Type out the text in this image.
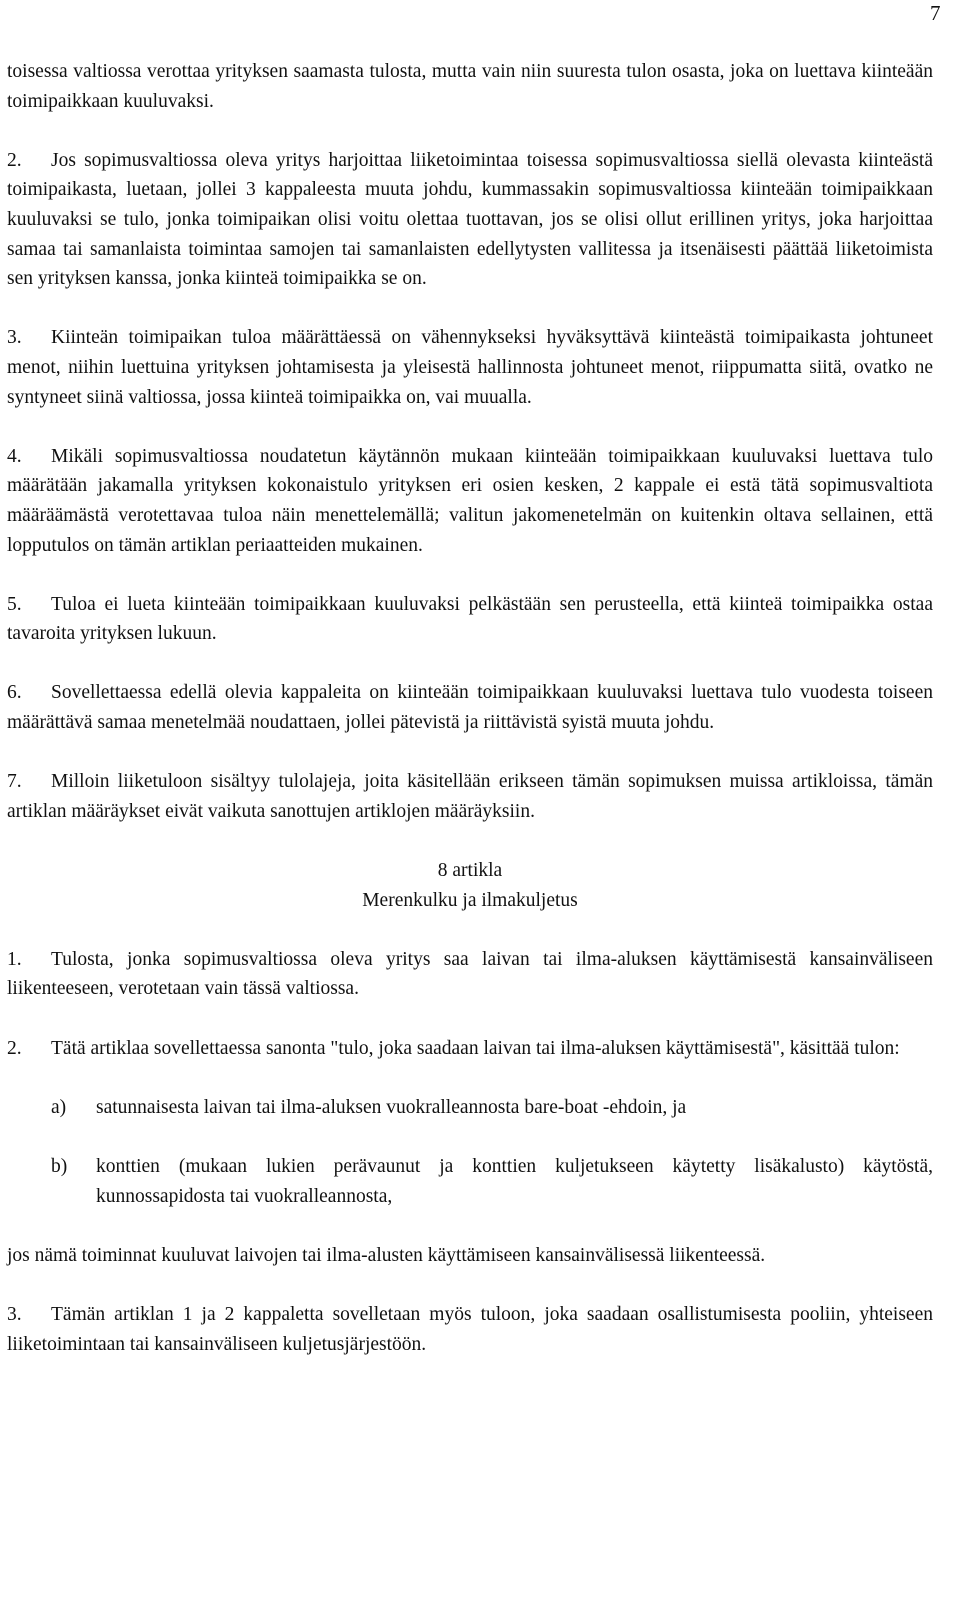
7

toisessa valtiossa verottaa yrityksen saamasta tulosta, mutta vain niin suuresta tulon osasta, joka on luettava kiinteään toimipaikkaan kuuluvaksi.

2. Jos sopimusvaltiossa oleva yritys harjoittaa liiketoimintaa toisessa sopimusvaltiossa siellä olevasta kiinteästä toimipaikasta, luetaan, jollei 3 kappaleesta muuta johdu, kummassakin sopimusvaltiossa kiinteään toimipaikkaan kuuluvaksi se tulo, jonka toimipaikan olisi voitu olettaa tuottavan, jos se olisi ollut erillinen yritys, joka harjoittaa samaa tai samanlaista toimintaa samojen tai samanlaisten edellytysten vallitessa ja itsenäisesti päättää liiketoimista sen yrityksen kanssa, jonka kiinteä toimipaikka se on.

3. Kiinteän toimipaikan tuloa määrättäessä on vähennykseksi hyväksyttävä kiinteästä toimipaikasta johtuneet menot, niihin luettuina yrityksen johtamisesta ja yleisestä hallinnosta johtuneet menot, riippumatta siitä, ovatko ne syntyneet siinä valtiossa, jossa kiinteä toimipaikka on, vai muualla.

4. Mikäli sopimusvaltiossa noudatetun käytännön mukaan kiinteään toimipaikkaan kuuluvaksi luettava tulo määrätään jakamalla yrityksen kokonaistulo yrityksen eri osien kesken, 2 kappale ei estä tätä sopimusvaltiota määräämästä verotettavaa tuloa näin menettelemällä; valitun jakomenetelmän on kuitenkin oltava sellainen, että lopputulos on tämän artiklan periaatteiden mukainen.

5. Tuloa ei lueta kiinteään toimipaikkaan kuuluvaksi pelkästään sen perusteella, että kiinteä toimipaikka ostaa tavaroita yrityksen lukuun.

6. Sovellettaessa edellä olevia kappaleita on kiinteään toimipaikkaan kuuluvaksi luettava tulo vuodesta toiseen määrättävä samaa menetelmää noudattaen, jollei pätevistä ja riittävistä syistä muuta johdu.

7. Milloin liiketuloon sisältyy tulolajeja, joita käsitellään erikseen tämän sopimuksen muissa artikloissa, tämän artiklan määräykset eivät vaikuta sanottujen artiklojen määräyksiin.

8 artikla

Merenkulku ja ilmakuljetus

1. Tulosta, jonka sopimusvaltiossa oleva yritys saa laivan tai ilma-aluksen käyttämisestä kansainväliseen liikenteeseen, verotetaan vain tässä valtiossa.

2. Tätä artiklaa sovellettaessa sanonta "tulo, joka saadaan laivan tai ilma-aluksen käyttämisestä", käsittää tulon:

a) satunnaisesta laivan tai ilma-aluksen vuokralleannosta bare-boat -ehdoin, ja
b) konttien (mukaan lukien perävaunut ja konttien kuljetukseen käytetty lisäkalusto) käytöstä, kunnossapidosta tai vuokralleannosta,

jos nämä toiminnat kuuluvat laivojen tai ilma-alusten käyttämiseen kansainvälisessä liikenteessä.

3. Tämän artiklan 1 ja 2 kappaletta sovelletaan myös tuloon, joka saadaan osallistumisesta pooliin, yhteiseen liiketoimintaan tai kansainväliseen kuljetusjärjestöön.
